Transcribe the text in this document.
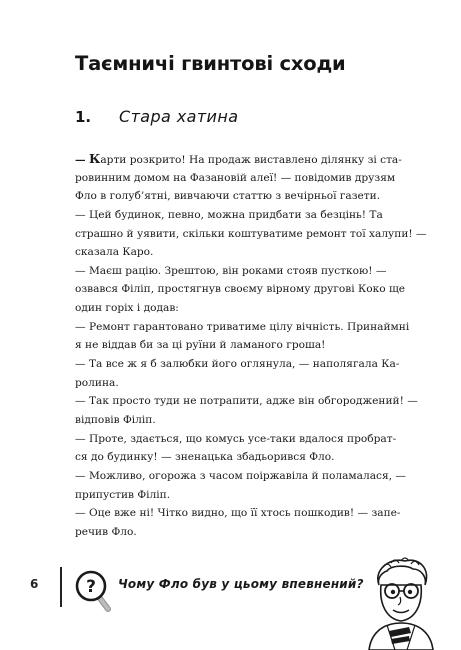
Таємничі гвинтові сходи
1. Стара хатина
— Карти розкрито! На продаж виставлено ділянку зі ста-
ровинним домом на Фазановій алеї! — повідомив друзям
Фло в голуб’ятні, вивчаючи статтю з вечірньої газети.
— Цей будинок, певно, можна придбати за безцінь! Та
страшно й уявити, скільки коштуватиме ремонт тої халупи! —
сказала Каро.
— Маєш рацію. Зрештою, він роками стояв пусткою! —
озвався Філіп, простягнув своєму вірному другові Коко ще
один горіх і додав:
— Ремонт гарантовано триватиме цілу вічність. Принаймні
я не віддав би за ці руїни й ламаного гроша!
— Та все ж я б залюбки його оглянула, — наполягала Ка-
ролина.
— Так просто туди не потрапити, адже він обгороджений! —
відповів Філіп.
— Проте, здається, що комусь усе-таки вдалося пробрат-
ся до будинку! — зненацька збадьорився Фло.
— Можливо, огорожа з часом поіржавіла й поламалася, —
припустив Філіп.
— Оце вже ні! Чітко видно, що її хтось пошкодив! — запе-
речив Фло.
6	? Чому Фло був у цьому впевнений?
